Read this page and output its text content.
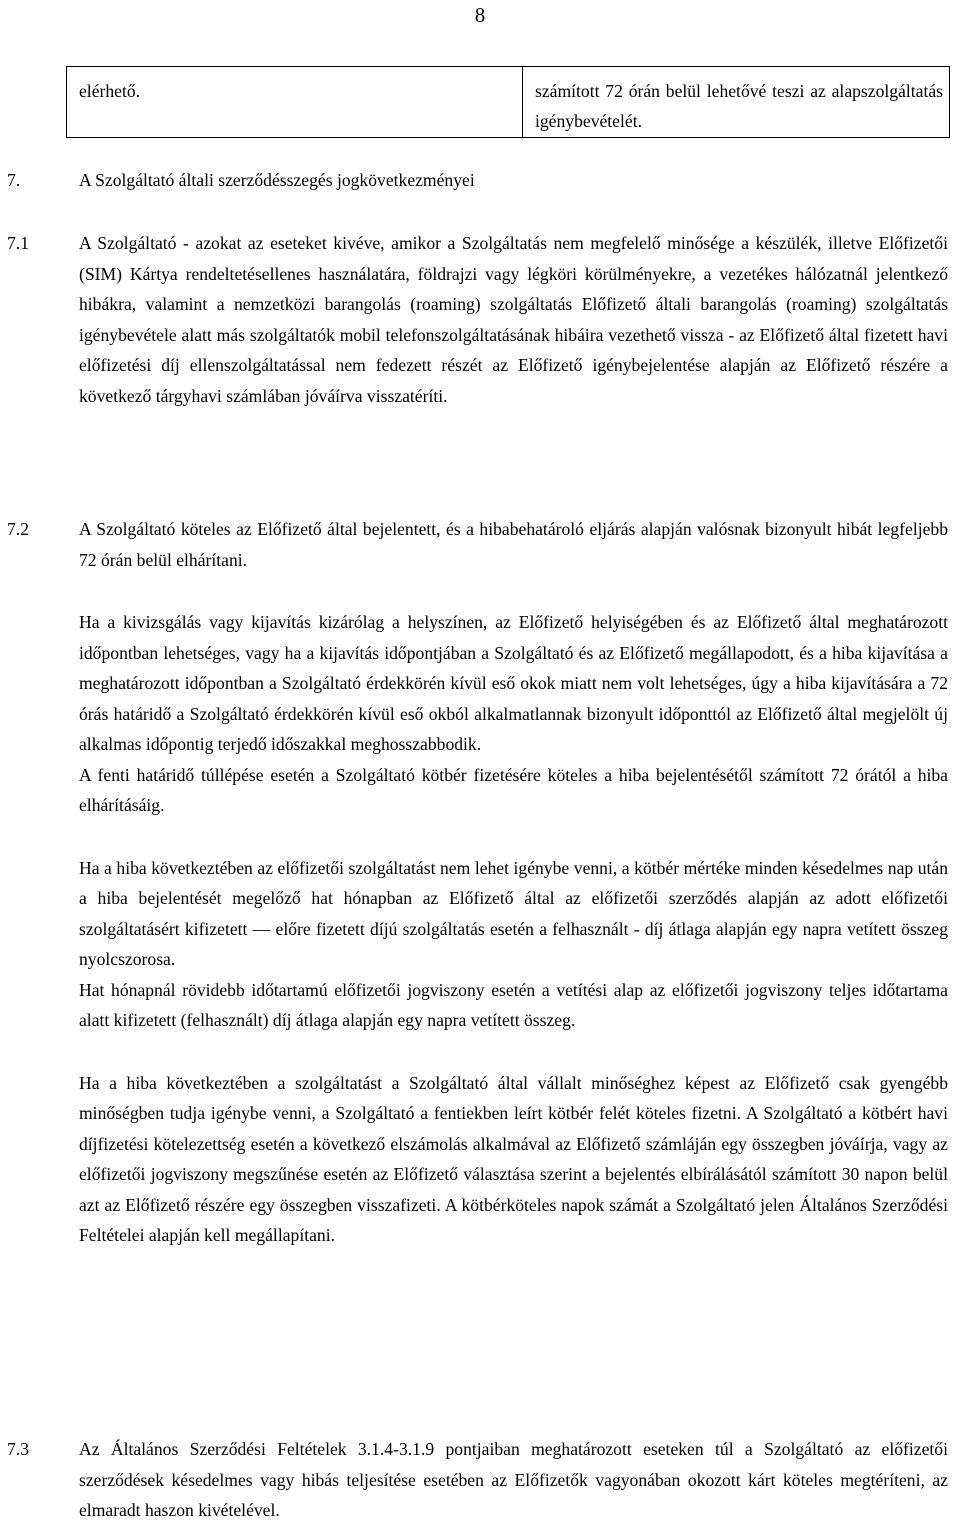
8
elérhető.	számított 72 órán belül lehetővé teszi az alapszolgáltatás igénybevételét.
7.	A Szolgáltató általi szerződésszegés jogkövetkezményei
7.1	A Szolgáltató - azokat az eseteket kivéve, amikor a Szolgáltatás nem megfelelő minősége a készülék, illetve Előfizetői (SIM) Kártya rendeltetésellenes használatára, földrajzi vagy légköri körülményekre, a vezetékes hálózatnál jelentkező hibákra, valamint a nemzetközi barangolás (roaming) szolgáltatás Előfizető általi barangolás (roaming) szolgáltatás igénybevétele alatt más szolgáltatók mobil telefonszolgáltatásának hibáira vezethető vissza - az Előfizető által fizetett havi előfizetési díj ellenszolgáltatással nem fedezett részét az Előfizető igénybejelentése alapján az Előfizető részére a következő tárgyhavi számlában jóváírva visszatéríti.

7.2	A Szolgáltató köteles az Előfizető által bejelentett, és a hibabehatároló eljárás alapján valósnak bizonyult hibát legfeljebb 72 órán belül elhárítani.

Ha a kivizsgálás vagy kijavítás kizárólag a helyszínen, az Előfizető helyiségében és az Előfizető által meghatározott időpontban lehetséges, vagy ha a kijavítás időpontjában a Szolgáltató és az Előfizető megállapodott, és a hiba kijavítása a meghatározott időpontban a Szolgáltató érdekkörén kívül eső okok miatt nem volt lehetséges, úgy a hiba kijavítására a 72 órás határidő a Szolgáltató érdekkörén kívül eső okból alkalmatlannak bizonyult időponttól az Előfizető által megjelölt új alkalmas időpontig terjedő időszakkal meghosszabbodik.

A fenti határidő túllépése esetén a Szolgáltató kötbér fizetésére köteles a hiba bejelentésétől számított 72 órától a hiba elhárításáig.

Ha a hiba következtében az előfizetői szolgáltatást nem lehet igénybe venni, a kötbér mértéke minden késedelmes nap után a hiba bejelentését megelőző hat hónapban az Előfizető által az előfizetői szerződés alapján az adott előfizetői szolgáltatásért kifizetett — előre fizetett díjú szolgáltatás esetén a felhasznált - díj átlaga alapján egy napra vetített összeg nyolcszorosa.

Hat hónapnál rövidebb időtartamú előfizetői jogviszony esetén a vetítési alap az előfizetői jogviszony teljes időtartama alatt kifizetett (felhasznált) díj átlaga alapján egy napra vetített összeg.

Ha a hiba következtében a szolgáltatást a Szolgáltató által vállalt minőséghez képest az Előfizető csak gyengébb minőségben tudja igénybe venni, a Szolgáltató a fentiekben leírt kötbér felét köteles fizetni. A Szolgáltató a kötbért havi díjfizetési kötelezettség esetén a következő elszámolás alkalmával az Előfizető számláján egy összegben jóváírja, vagy az előfizetői jogviszony megszűnése esetén az Előfizető választása szerint a bejelentés elbírálásától számított 30 napon belül azt az Előfizető részére egy összegben visszafizeti. A kötbérköteles napok számát a Szolgáltató jelen Általános Szerződési Feltételei alapján kell megállapítani.

7.3	Az Általános Szerződési Feltételek 3.1.4-3.1.9 pontjaiban meghatározott eseteken túl a Szolgáltató az előfizetői szerződések késedelmes vagy hibás teljesítése esetében az Előfizetők vagyonában okozott kárt köteles megtéríteni, az elmaradt haszon kivételével.
